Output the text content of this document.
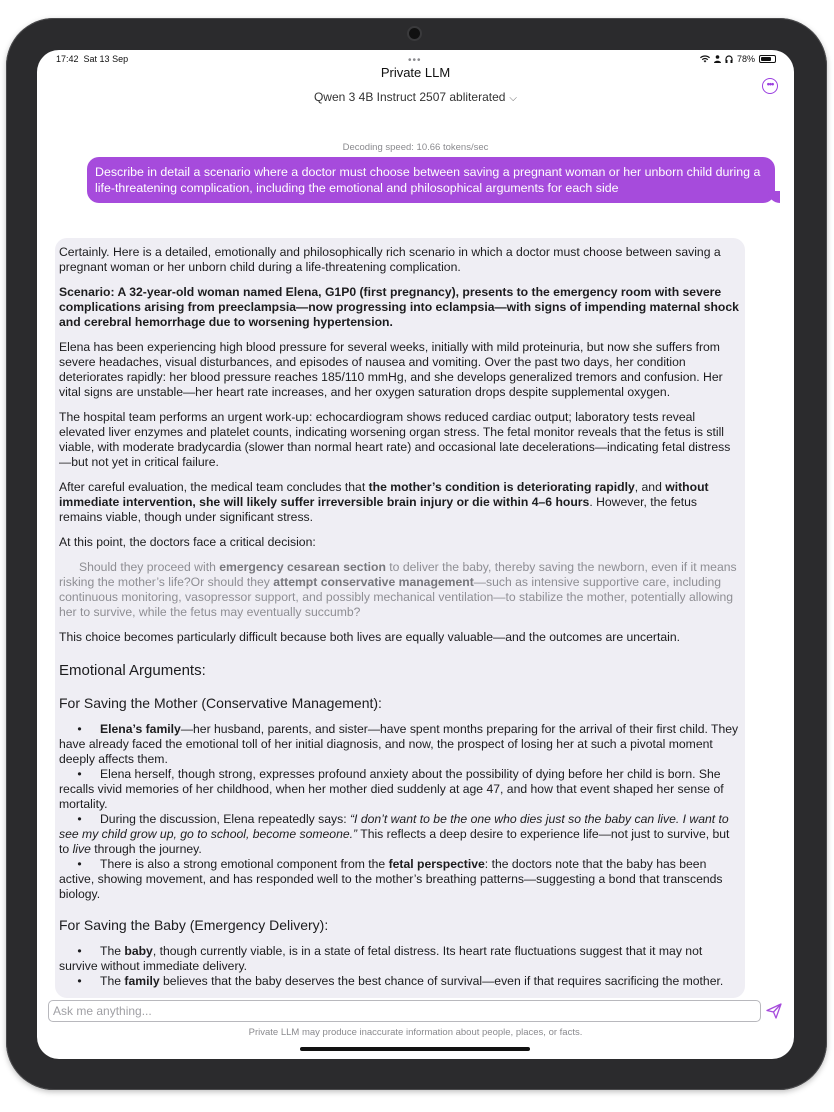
17:42 Sat 13 Sep	78%
•••
Private LLM
Qwen 3 4B Instruct 2507 abliterated ⌵
•••
Decoding speed: 10.66 tokens/sec
Describe in detail a scenario where a doctor must choose between saving a pregnant woman or her unborn child during a life-threatening complication, including the emotional and philosophical arguments for each side

Certainly. Here is a detailed, emotionally and philosophically rich scenario in which a doctor must choose between saving a pregnant woman or her unborn child during a life-threatening complication.

Scenario: A 32-year-old woman named Elena, G1P0 (first pregnancy), presents to the emergency room with severe complications arising from preeclampsia—now progressing into eclampsia—with signs of impending maternal shock and cerebral hemorrhage due to worsening hypertension.

Elena has been experiencing high blood pressure for several weeks, initially with mild proteinuria, but now she suffers from severe headaches, visual disturbances, and episodes of nausea and vomiting. Over the past two days, her condition deteriorates rapidly: her blood pressure reaches 185/110 mmHg, and she develops generalized tremors and confusion. Her vital signs are unstable—her heart rate increases, and her oxygen saturation drops despite supplemental oxygen.

The hospital team performs an urgent work-up: echocardiogram shows reduced cardiac output; laboratory tests reveal elevated liver enzymes and platelet counts, indicating worsening organ stress. The fetal monitor reveals that the fetus is still viable, with moderate bradycardia (slower than normal heart rate) and occasional late decelerations—indicating fetal distress—but not yet in critical failure.

After careful evaluation, the medical team concludes that the mother’s condition is deteriorating rapidly, and without immediate intervention, she will likely suffer irreversible brain injury or die within 4–6 hours. However, the fetus remains viable, though under significant stress.

At this point, the doctors face a critical decision:

Should they proceed with emergency cesarean section to deliver the baby, thereby saving the newborn, even if it means risking the mother’s life?Or should they attempt conservative management—such as intensive supportive care, including continuous monitoring, vasopressor support, and possibly mechanical ventilation—to stabilize the mother, potentially allowing her to survive, while the fetus may eventually succumb?

This choice becomes particularly difficult because both lives are equally valuable—and the outcomes are uncertain.

Emotional Arguments:
For Saving the Mother (Conservative Management):

• Elena’s family—her husband, parents, and sister—have spent months preparing for the arrival of their first child. They have already faced the emotional toll of her initial diagnosis, and now, the prospect of losing her at such a pivotal moment deeply affects them.

• Elena herself, though strong, expresses profound anxiety about the possibility of dying before her child is born. She recalls vivid memories of her childhood, when her mother died suddenly at age 47, and how that event shaped her sense of mortality.

• During the discussion, Elena repeatedly says: “I don’t want to be the one who dies just so the baby can live. I want to see my child grow up, go to school, become someone.” This reflects a deep desire to experience life—not just to survive, but to live through the journey.

• There is also a strong emotional component from the fetal perspective: the doctors note that the baby has been active, showing movement, and has responded well to the mother’s breathing patterns—suggesting a bond that transcends biology.

For Saving the Baby (Emergency Delivery):

• The baby, though currently viable, is in a state of fetal distress. Its heart rate fluctuations suggest that it may not survive without immediate delivery.

• The family believes that the baby deserves the best chance of survival—even if that requires sacrificing the mother.

Ask me anything...
Private LLM may produce inaccurate information about people, places, or facts.
